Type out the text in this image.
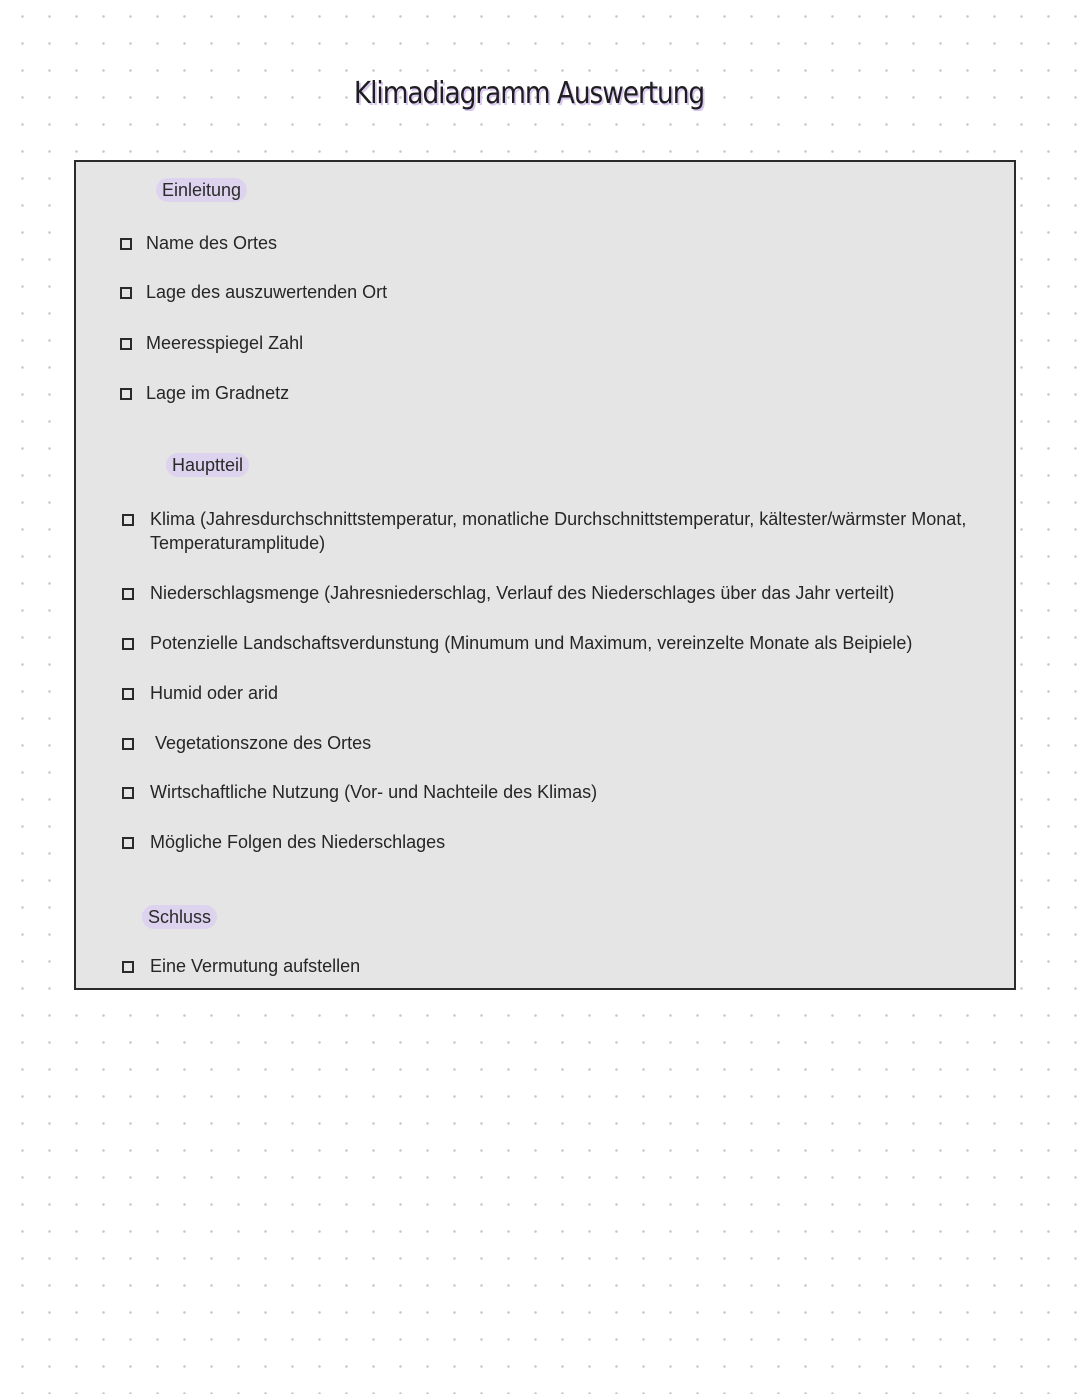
Klimadiagramm Auswertung
Einleitung
Name des Ortes
Lage des auszuwertenden Ort
Meeresspiegel Zahl
Lage im Gradnetz
Hauptteil
Klima (Jahresdurchschnittstemperatur, monatliche Durchschnittstemperatur, kältester/wärmster Monat, Temperaturamplitude)
Niederschlagsmenge (Jahresniederschlag, Verlauf des Niederschlages über das Jahr verteilt)
Potenzielle Landschaftsverdunstung (Minumum und Maximum, vereinzelte Monate als Beipiele)
Humid oder arid
Vegetationszone des Ortes
Wirtschaftliche Nutzung (Vor- und Nachteile des Klimas)
Mögliche Folgen des Niederschlages
Schluss
Eine Vermutung aufstellen
